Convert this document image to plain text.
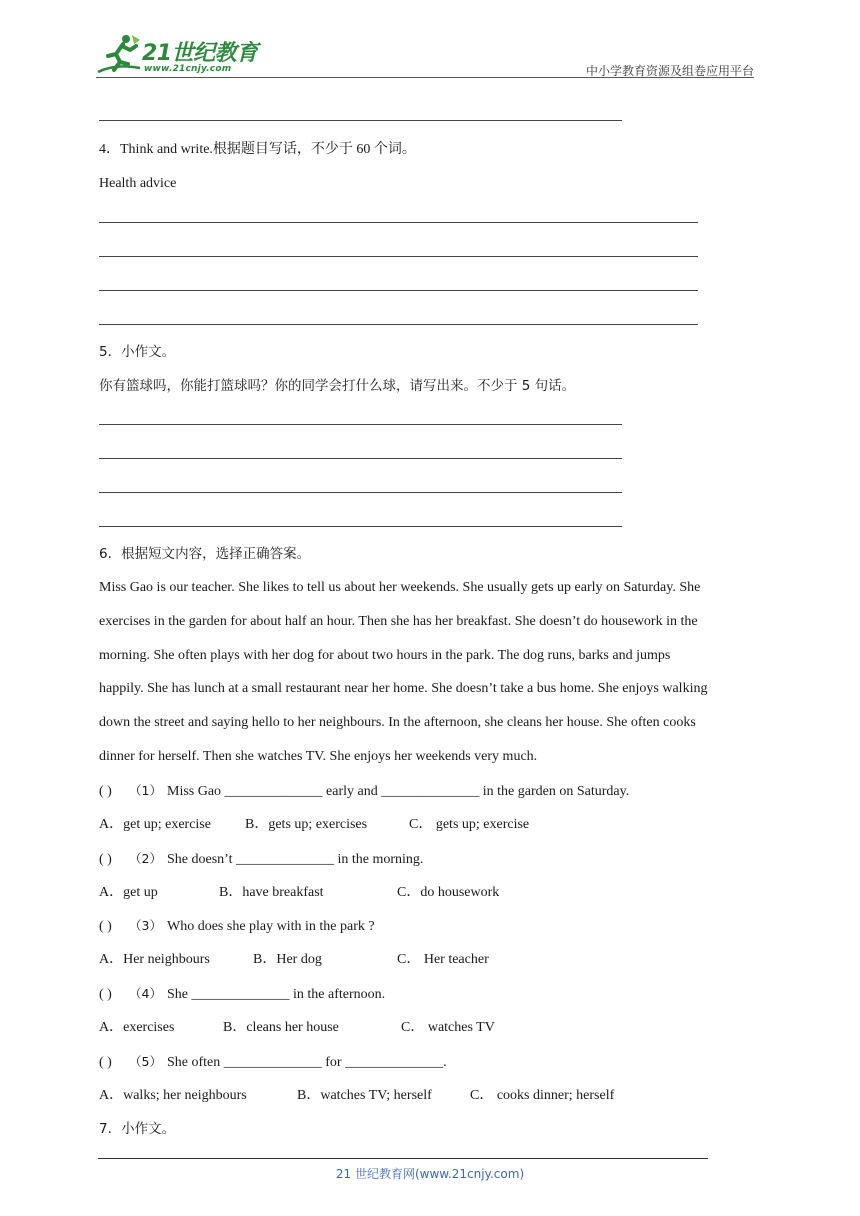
21世纪教育
www.21cnjy.com	中小学教育资源及组卷应用平台
4．Think and write.根据题目写话，不少于 60 个词。
Health advice
5．小作文。
你有篮球吗，你能打篮球吗？你的同学会打什么球，请写出来。不少于 5 句话。
6．根据短文内容，选择正确答案。
Miss Gao is our teacher. She likes to tell us about her weekends. She usually gets up early on Saturday. She
exercises in the garden for about half an hour. Then she has her breakfast. She doesn’t do housework in the
morning. She often plays with her dog for about two hours in the park. The dog runs, barks and jumps
happily. She has lunch at a small restaurant near her home. She doesn’t take a bus home. She enjoys walking
down the street and saying hello to her neighbours. In the afternoon, she cleans her house. She often cooks
dinner for herself. Then she watches TV. She enjoys her weekends very much.
( ) （1） Miss Gao ______________ early and ______________ in the garden on Saturday.
A．get up; exercise B．gets up; exercises	C． gets up; exercise
( ) （2） She doesn’t ______________ in the morning.
A．get up	B．have breakfast	C．do housework
( ) （3） Who does she play with in the park ?
A．Her neighbours	B．Her dog	C． Her teacher
( ) （4） She ______________ in the afternoon.
A．exercises	B．cleans her house	C． watches TV
( ) （5） She often ______________ for ______________.
A．walks; her neighbours	B．watches TV; herself	C． cooks dinner; herself
7．小作文。
21 世纪教育网(www.21cnjy.com)
